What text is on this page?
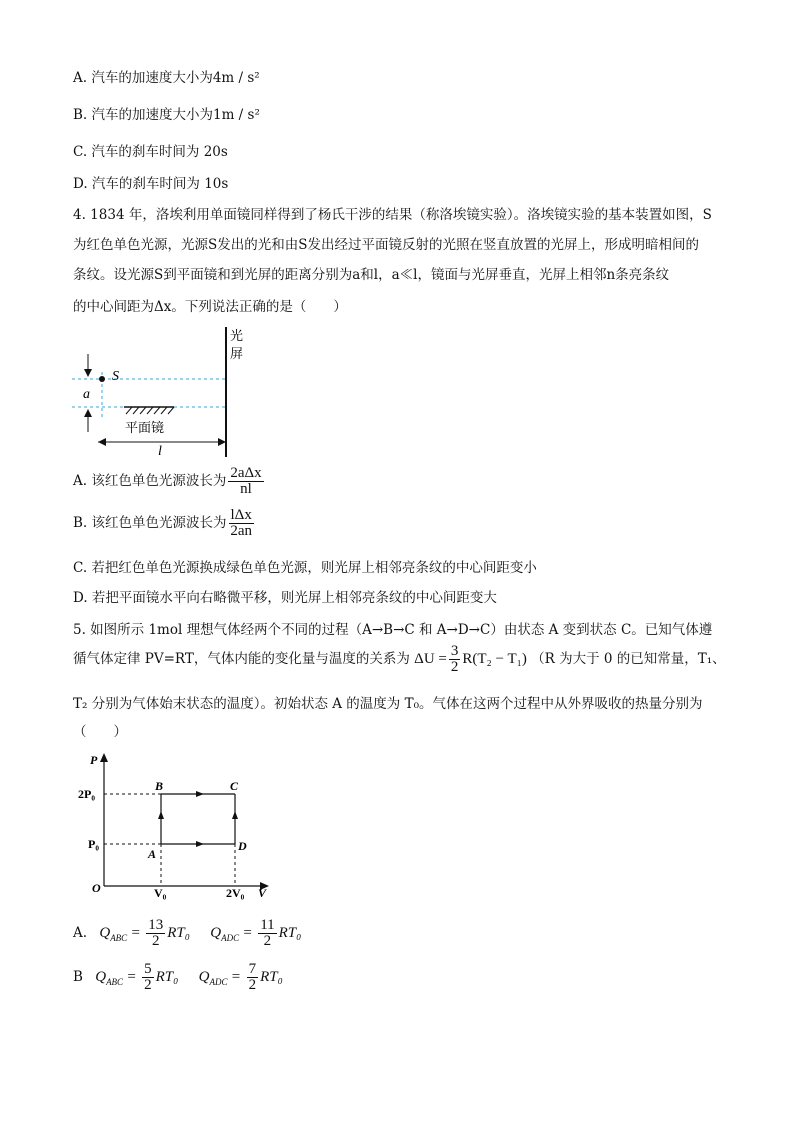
A. 汽车的加速度大小为4m / s²
B. 汽车的加速度大小为1m / s²
C. 汽车的刹车时间为 20s
D. 汽车的刹车时间为 10s
4. 1834 年，洛埃利用单面镜同样得到了杨氏干涉的结果（称洛埃镜实验）。洛埃镜实验的基本装置如图，S
为红色单色光源，光源S发出的光和由S发出经过平面镜反射的光照在竖直放置的光屏上，形成明暗相间的
条纹。设光源S到平面镜和到光屏的距离分别为a和l，a≪l，镜面与光屏垂直，光屏上相邻n条亮条纹
的中心间距为Δx。下列说法正确的是（　　）
光
屏
S
a
平面镜
l
A. 该红色单色光源波长为 $\frac{\text{2aΔx}}{nl}$
B. 该红色单色光源波长为 $\frac{\text{lΔx}}{2an}$
C. 若把红色单色光源换成绿色单色光源，则光屏上相邻亮条纹的中心间距变小
D. 若把平面镜水平向右略微平移，则光屏上相邻亮条纹的中心间距变大
5. 如图所示 1mol 理想气体经两个不同的过程（A→B→C 和 A→D→C）由状态 A 变到状态 C。已知气体遵
循气体定律 PV=RT，气体内能的变化量与温度的关系为 $\Delta U = \frac{3}{2} R(T_2 - T_1)$ （R 为大于 0 的已知常量，T₁、
T₂ 分别为气体始末状态的温度）。初始状态 A 的温度为 T₀。气体在这两个过程中从外界吸收的热量分别为
（　　）
P
V
O
2P₀
P₀
V₀	2V₀
B	C
A
D
A. $Q_{ABC} = \frac{13}{2} RT_0$ $Q_{ADC} = \frac{11}{2} RT_0$
B $Q_{ABC} = \frac{5}{2} RT_0$ $Q_{ADC} = \frac{7}{2} RT_0$
